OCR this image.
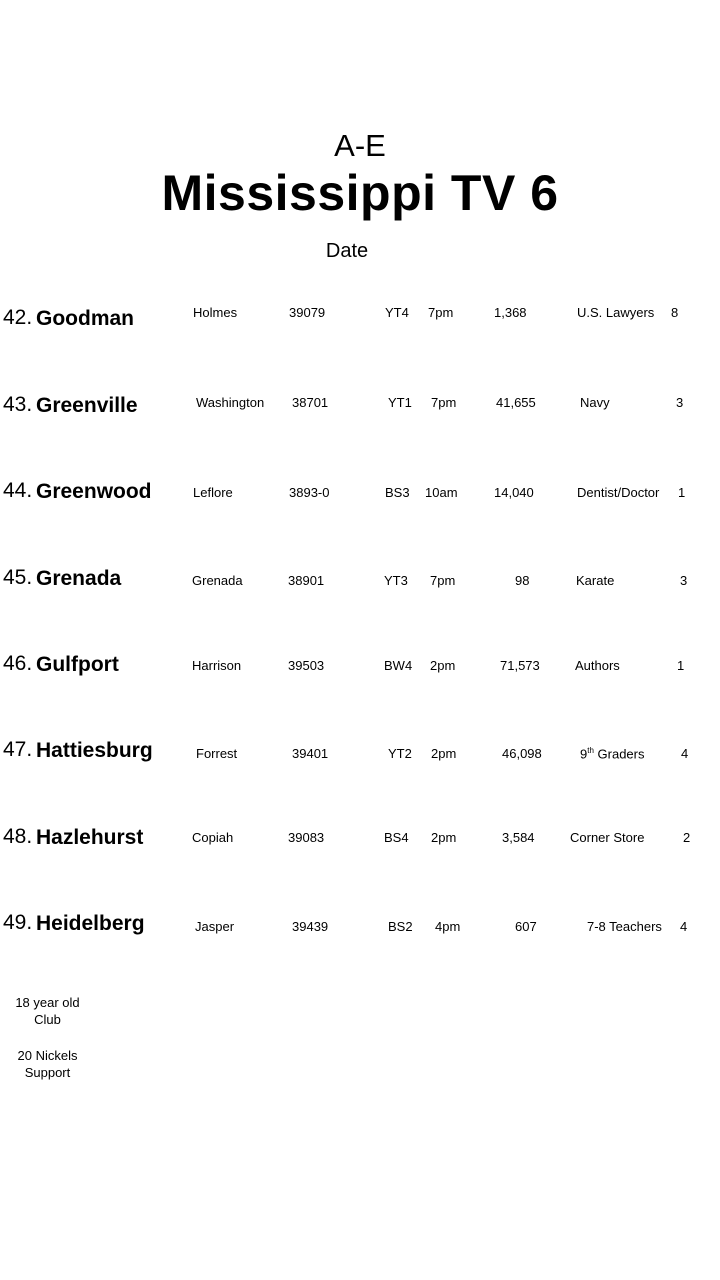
A-E
Mississippi TV 6
Date
42. Goodman	Holmes	39079	YT4 7pm	1,368	U.S. Lawyers 8
43. Greenville	Washington 38701	YT1 7pm	41,655	Navy	3
44. Greenwood	Leflore	3893-0	BS3 10am	14,040	Dentist/Doctor 1
45. Grenada	Grenada	38901	YT3 7pm	98	Karate	3
46. Gulfport	Harrison	39503	BW4 2pm	71,573	Authors	1
47. Hattiesburg	Forrest	39401	YT2 2pm	46,098	9th Graders	4
48. Hazlehurst	Copiah	39083	BS4 2pm	3,584	Corner Store	2
49. Heidelberg	Jasper	39439	BS2 4pm	607	7-8 Teachers 4
18 year old
Club
20 Nickels
Support
